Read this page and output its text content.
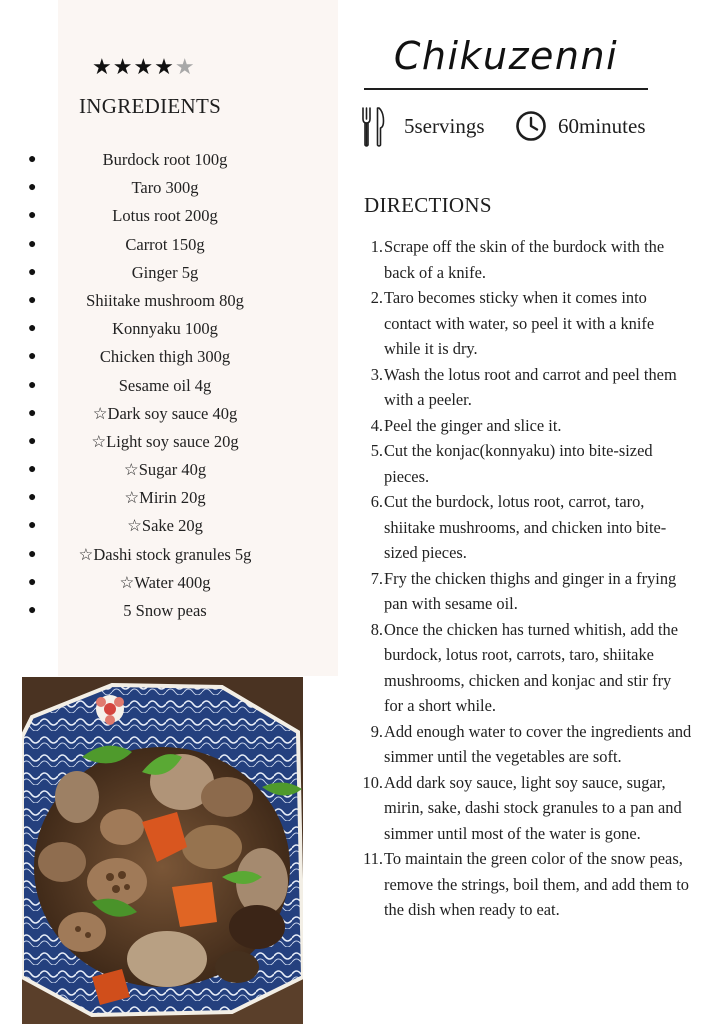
★★★★★
INGREDIENTS
●	Burdock root 100g
●	Taro 300g
●	Lotus root 200g
●	Carrot 150g
●	Ginger 5g
●	Shiitake mushroom 80g
●	Konnyaku 100g
●	Chicken thigh 300g
●	Sesame oil 4g
●	☆Dark soy sauce 40g
●	☆Light soy sauce 20g
●	☆Sugar 40g
●	☆Mirin 20g
●	☆Sake 20g
●	☆Dashi stock granules 5g
●	☆Water 400g
●	5 Snow peas
Chikuzenni
5servings	60minutes
DIRECTIONS
1. Scrape off the skin of the burdock with the back of a knife.
2. Taro becomes sticky when it comes into contact with water, so peel it with a knife while it is dry.
3. Wash the lotus root and carrot and peel them with a peeler.
4. Peel the ginger and slice it.
5. Cut the konjac(konnyaku) into bite-sized pieces.
6. Cut the burdock, lotus root, carrot, taro, shiitake mushrooms, and chicken into bite-sized pieces.
7. Fry the chicken thighs and ginger in a frying pan with sesame oil.
8. Once the chicken has turned whitish, add the burdock, lotus root, carrots, taro, shiitake mushrooms, chicken and konjac and stir fry for a short while.
9. Add enough water to cover the ingredients and simmer until the vegetables are soft.
10. Add dark soy sauce, light soy sauce, sugar, mirin, sake, dashi stock granules to a pan and simmer until most of the water is gone.
11. To maintain the green color of the snow peas, remove the strings, boil them, and add them to the dish when ready to eat.
